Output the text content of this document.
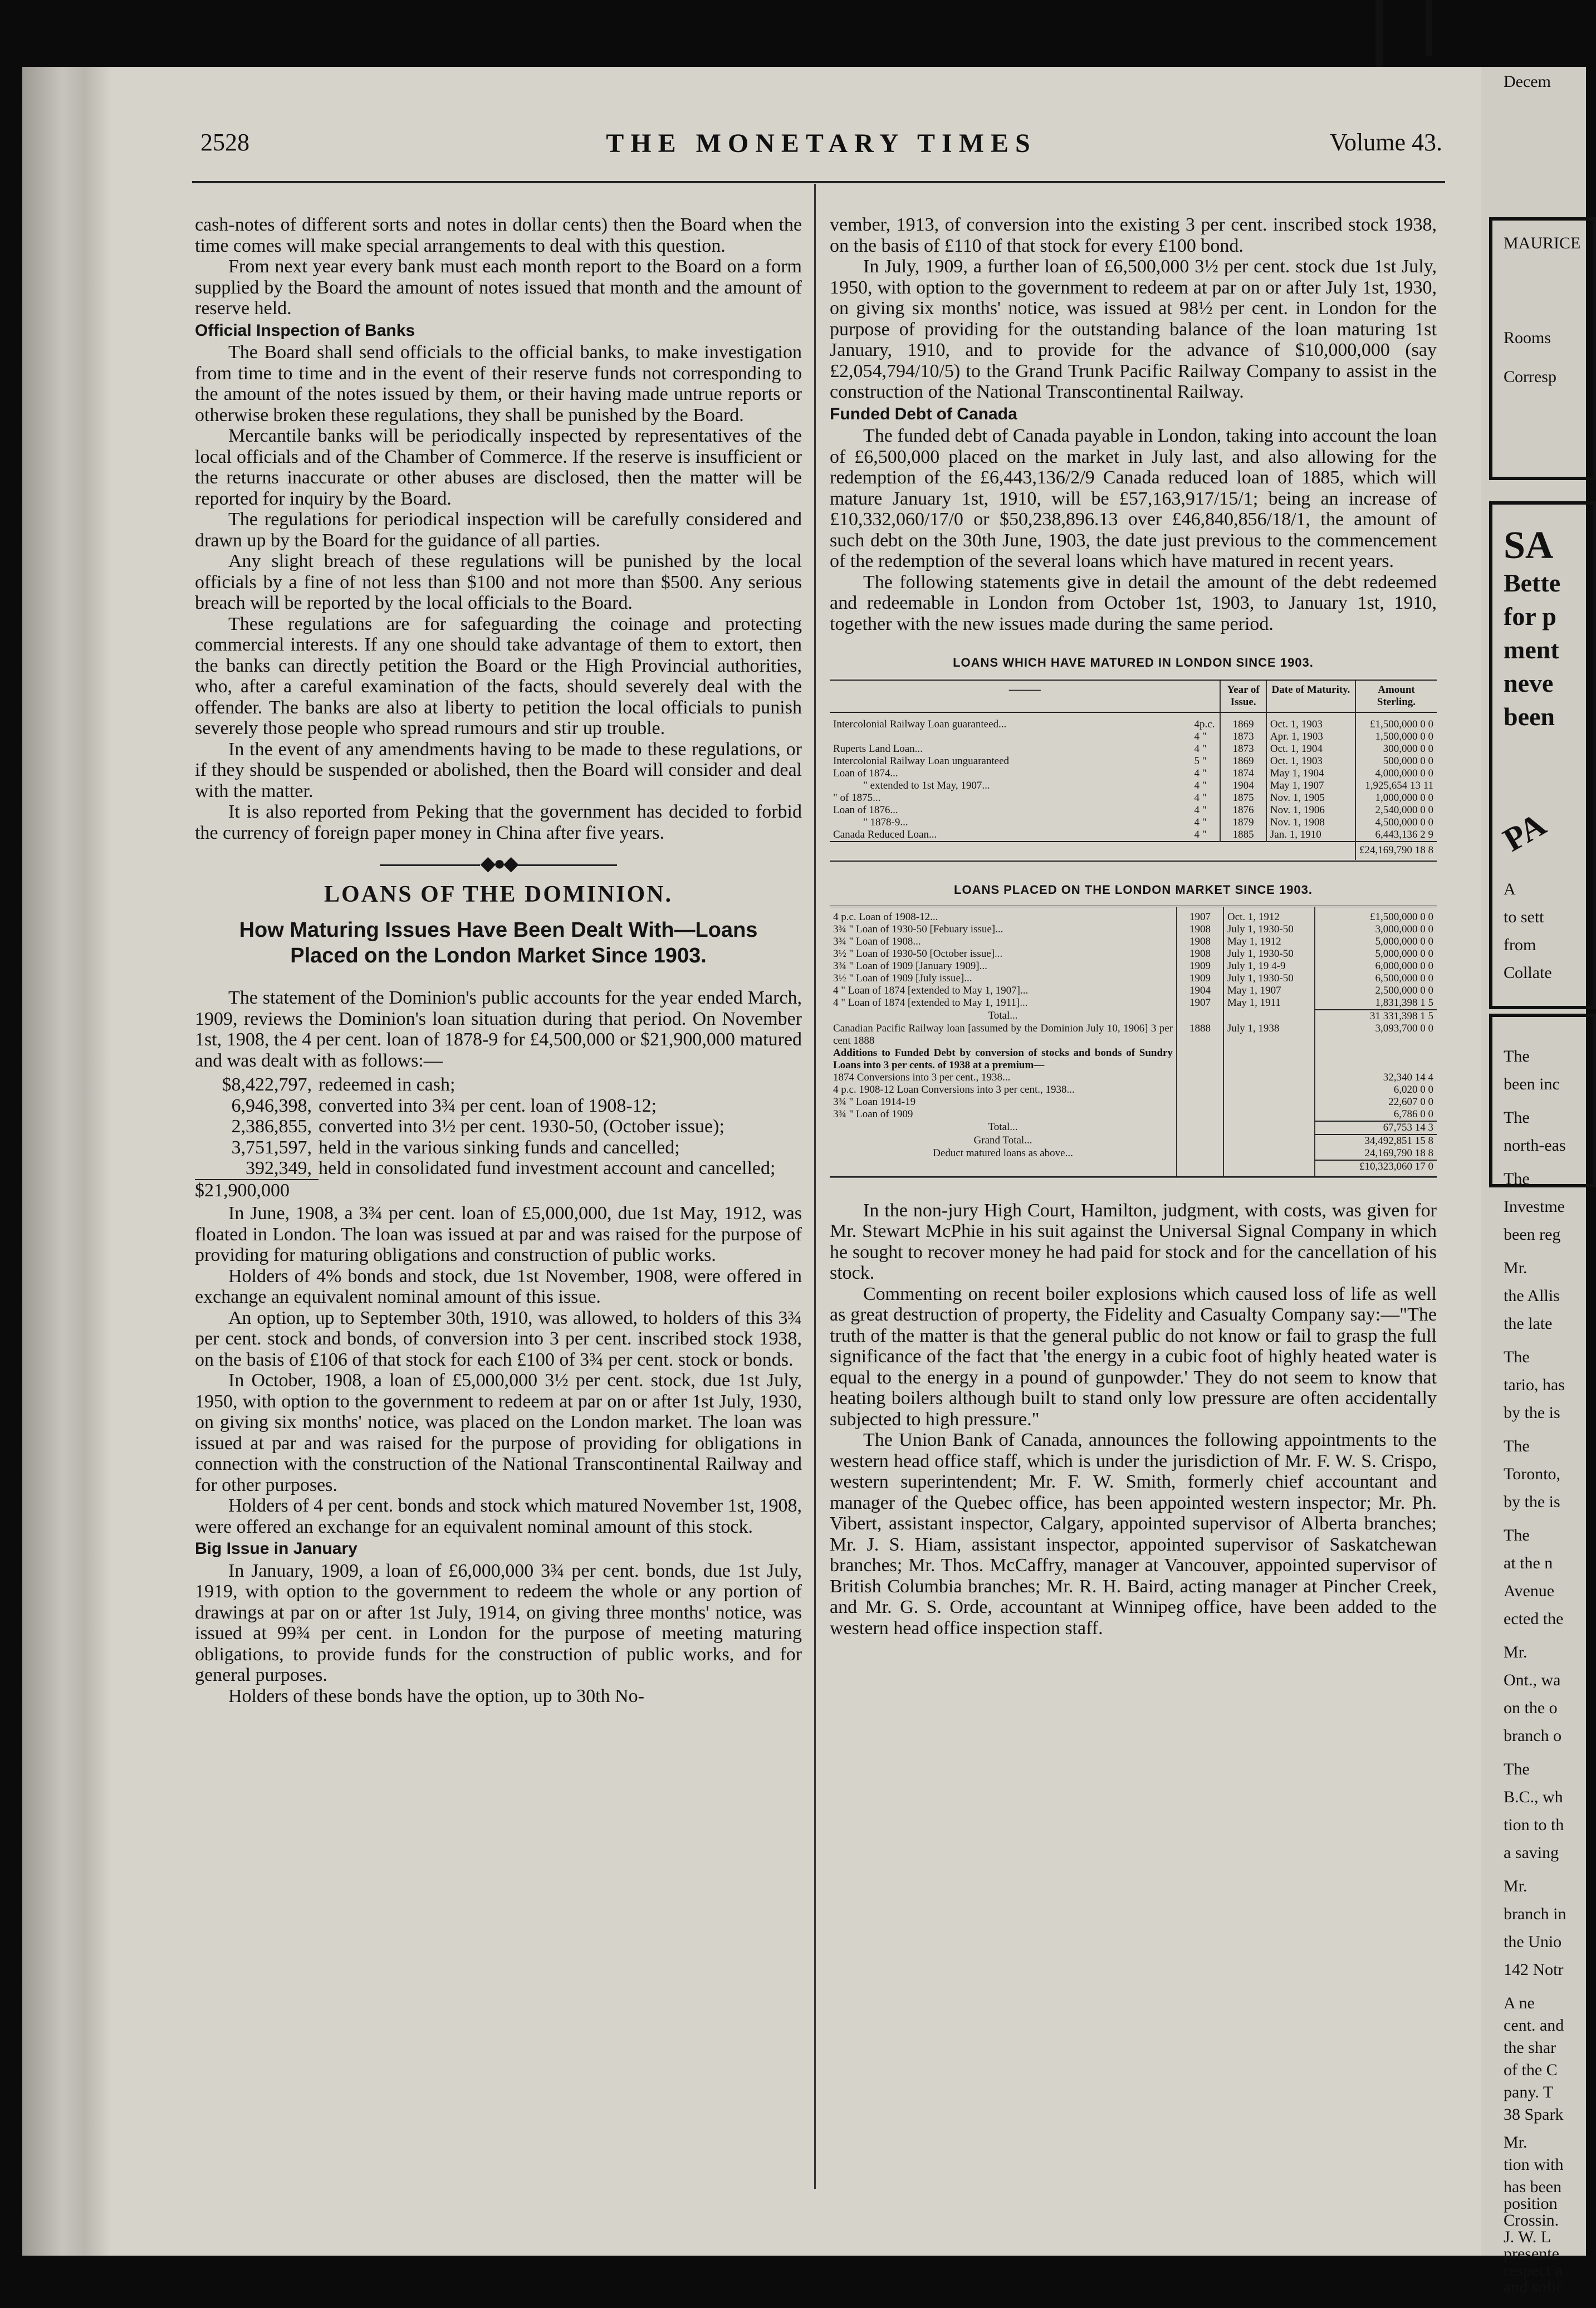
2528	THE MONETARY TIMES	Volume 43.

cash-notes of different sorts and notes in dollar cents) then the Board when the time comes will make special arrangements to deal with this question.

From next year every bank must each month report to the Board on a form supplied by the Board the amount of notes issued that month and the amount of reserve held.

Official Inspection of Banks

The Board shall send officials to the official banks, to make investigation from time to time and in the event of their reserve funds not corresponding to the amount of the notes issued by them, or their having made untrue reports or otherwise broken these regulations, they shall be punished by the Board.

Mercantile banks will be periodically inspected by representatives of the local officials and of the Chamber of Commerce. If the reserve is insufficient or the returns inaccurate or other abuses are disclosed, then the matter will be reported for inquiry by the Board.

The regulations for periodical inspection will be carefully considered and drawn up by the Board for the guidance of all parties.

Any slight breach of these regulations will be punished by the local officials by a fine of not less than $100 and not more than $500. Any serious breach will be reported by the local officials to the Board.

These regulations are for safeguarding the coinage and protecting commercial interests. If any one should take advantage of them to extort, then the banks can directly petition the Board or the High Provincial authorities, who, after a careful examination of the facts, should severely deal with the offender. The banks are also at liberty to petition the local officials to punish severely those people who spread rumours and stir up trouble.

In the event of any amendments having to be made to these regulations, or if they should be suspended or abolished, then the Board will consider and deal with the matter.

It is also reported from Peking that the government has decided to forbid the currency of foreign paper money in China after five years.

◆●◆
LOANS OF THE DOMINION.
How Maturing Issues Have Been Dealt With—Loans
Placed on the London Market Since 1903.

The statement of the Dominion's public accounts for the year ended March, 1909, reviews the Dominion's loan situation during that period. On November 1st, 1908, the 4 per cent. loan of 1878-9 for £4,500,000 or $21,900,000 matured and was dealt with as follows:—

$8,422,797, redeemed in cash;
6,946,398, converted into 3¾ per cent. loan of 1908-12;
2,386,855, converted into 3½ per cent. 1930-50, (October issue);
3,751,597, held in the various sinking funds and cancelled;
392,349, held in consolidated fund investment account and cancelled;
$21,900,000

In June, 1908, a 3¾ per cent. loan of £5,000,000, due 1st May, 1912, was floated in London. The loan was issued at par and was raised for the purpose of providing for maturing obligations and construction of public works.

Holders of 4% bonds and stock, due 1st November, 1908, were offered in exchange an equivalent nominal amount of this issue.

An option, up to September 30th, 1910, was allowed, to holders of this 3¾ per cent. stock and bonds, of conversion into 3 per cent. inscribed stock 1938, on the basis of £106 of that stock for each £100 of 3¾ per cent. stock or bonds.

In October, 1908, a loan of £5,000,000 3½ per cent. stock, due 1st July, 1950, with option to the government to redeem at par on or after 1st July, 1930, on giving six months' notice, was placed on the London market. The loan was issued at par and was raised for the purpose of providing for obligations in connection with the construction of the National Transcontinental Railway and for other purposes.

Holders of 4 per cent. bonds and stock which matured November 1st, 1908, were offered an exchange for an equivalent nominal amount of this stock.

Big Issue in January

In January, 1909, a loan of £6,000,000 3¾ per cent. bonds, due 1st July, 1919, with option to the government to redeem the whole or any portion of drawings at par on or after 1st July, 1914, on giving three months' notice, was issued at 99¾ per cent. in London for the purpose of meeting maturing obligations, to provide funds for the construction of public works, and for general purposes.

Holders of these bonds have the option, up to 30th No-

vember, 1913, of conversion into the existing 3 per cent. inscribed stock 1938, on the basis of £110 of that stock for every £100 bond.

In July, 1909, a further loan of £6,500,000 3½ per cent. stock due 1st July, 1950, with option to the government to redeem at par on or after July 1st, 1930, on giving six months' notice, was issued at 98½ per cent. in London for the purpose of providing for the outstanding balance of the loan maturing 1st January, 1910, and to provide for the advance of $10,000,000 (say £2,054,794/10/5) to the Grand Trunk Pacific Railway Company to assist in the construction of the National Transcontinental Railway.

Funded Debt of Canada

The funded debt of Canada payable in London, taking into account the loan of £6,500,000 placed on the market in July last, and also allowing for the redemption of the £6,443,136/2/9 Canada reduced loan of 1885, which will mature January 1st, 1910, will be £57,163,917/15/1; being an increase of £10,332,060/17/0 or $50,238,896.13 over £46,840,856/18/1, the amount of such debt on the 30th June, 1903, the date just previous to the commencement of the redemption of the several loans which have matured in recent years.

The following statements give in detail the amount of the debt redeemed and redeemable in London from October 1st, 1903, to January 1st, 1910, together with the new issues made during the same period.

LOANS WHICH HAVE MATURED IN LONDON SINCE 1903.
———		Year of Issue.	Date of Maturity.	Amount Sterling.
Intercolonial Railway Loan guaranteed...	4p.c.	1869	Oct. 1, 1903	£1,500,000 0 0
	4 "	1873	Apr. 1, 1903	1,500,000 0 0
Ruperts Land Loan...	4 "	1873	Oct. 1, 1904	300,000 0 0
Intercolonial Railway Loan unguaranteed	5 "	1869	Oct. 1, 1903	500,000 0 0
Loan of 1874...	4 "	1874	May 1, 1904	4,000,000 0 0
" extended to 1st May, 1907...	4 "	1904	May 1, 1907	1,925,654 13 11
" of 1875...	4 "	1875	Nov. 1, 1905	1,000,000 0 0
Loan of 1876...	4 "	1876	Nov. 1, 1906	2,540,000 0 0
" 1878-9...	4 "	1879	Nov. 1, 1908	4,500,000 0 0
Canada Reduced Loan...	4 "	1885	Jan. 1, 1910	6,443,136 2 9
				£24,169,790 18 8
LOANS PLACED ON THE LONDON MARKET SINCE 1903.

4 p.c. Loan of 1908-12...	1907	Oct. 1, 1912	£1,500,000 0 0
3¾ " Loan of 1930-50 [Febuary issue]...	1908	July 1, 1930-50	3,000,000 0 0
3¾ " Loan of 1908...	1908	May 1, 1912	5,000,000 0 0
3½ " Loan of 1930-50 [October issue]...	1908	July 1, 1930-50	5,000,000 0 0
3¾ " Loan of 1909 [January 1909]...	1909	July 1, 19 4-9	6,000,000 0 0
3½ " Loan of 1909 [July issue]...	1909	July 1, 1930-50	6,500,000 0 0
4 " Loan of 1874 [extended to May 1, 1907]...	1904	May 1, 1907	2,500,000 0 0
4 " Loan of 1874 [extended to May 1, 1911]...	1907	May 1, 1911	1,831,398 1 5
Total...			31 331,398 1 5
Canadian Pacific Railway loan [assumed by the Dominion July 10, 1906] 3 per cent 1888	1888	July 1, 1938	3,093,700 0 0
Additions to Funded Debt by conversion of stocks and bonds of Sundry Loans into 3 per cents. of 1938 at a premium—			
1874 Conversions into 3 per cent., 1938...			32,340 14 4
4 p.c. 1908-12 Loan Conversions into 3 per cent., 1938...			6,020 0 0
3¾ " Loan 1914-19			22,607 0 0
3¾ " Loan of 1909			6,786 0 0
Total...			67,753 14 3
Grand Total...			34,492,851 15 8
Deduct matured loans as above...			24,169,790 18 8
			£10,323,060 17 0

In the non-jury High Court, Hamilton, judgment, with costs, was given for Mr. Stewart McPhie in his suit against the Universal Signal Company in which he sought to recover money he had paid for stock and for the cancellation of his stock.

Commenting on recent boiler explosions which caused loss of life as well as great destruction of property, the Fidelity and Casualty Company say:—"The truth of the matter is that the general public do not know or fail to grasp the full significance of the fact that 'the energy in a cubic foot of highly heated water is equal to the energy in a pound of gunpowder.' They do not seem to know that heating boilers although built to stand only low pressure are often accidentally subjected to high pressure."

The Union Bank of Canada, announces the following appointments to the western head office staff, which is under the jurisdiction of Mr. F. W. S. Crispo, western superintendent; Mr. F. W. Smith, formerly chief accountant and manager of the Quebec office, has been appointed western inspector; Mr. Ph. Vibert, assistant inspector, Calgary, appointed supervisor of Alberta branches; Mr. J. S. Hiam, assistant inspector, appointed supervisor of Saskatchewan branches; Mr. Thos. McCaffry, manager at Vancouver, appointed supervisor of British Columbia branches; Mr. R. H. Baird, acting manager at Pincher Creek, and Mr. G. S. Orde, accountant at Winnipeg office, have been added to the western head office inspection staff.

Decem
MAURICE
Rooms
Corresp
SA
Bette
for p
ment
neve
been
PA
A
to sett
from
Collate
The
been inc
The
north-eas
The
Investme
been reg
Mr.
the Allis
the late
The
tario, has
by the is
The
Toronto,
by the is
The
at the n
Avenue
ected the
Mr.
Ont., wa
on the o
branch o
The
B.C., wh
tion to th
a saving
Mr.
branch in
the Unio
142 Notr
A ne
cent. and
the shar
of the C
pany. T
38 Spark
Mr.
tion with
has been
position
Crossin.
J. W. L
presente
respect a
and solic
